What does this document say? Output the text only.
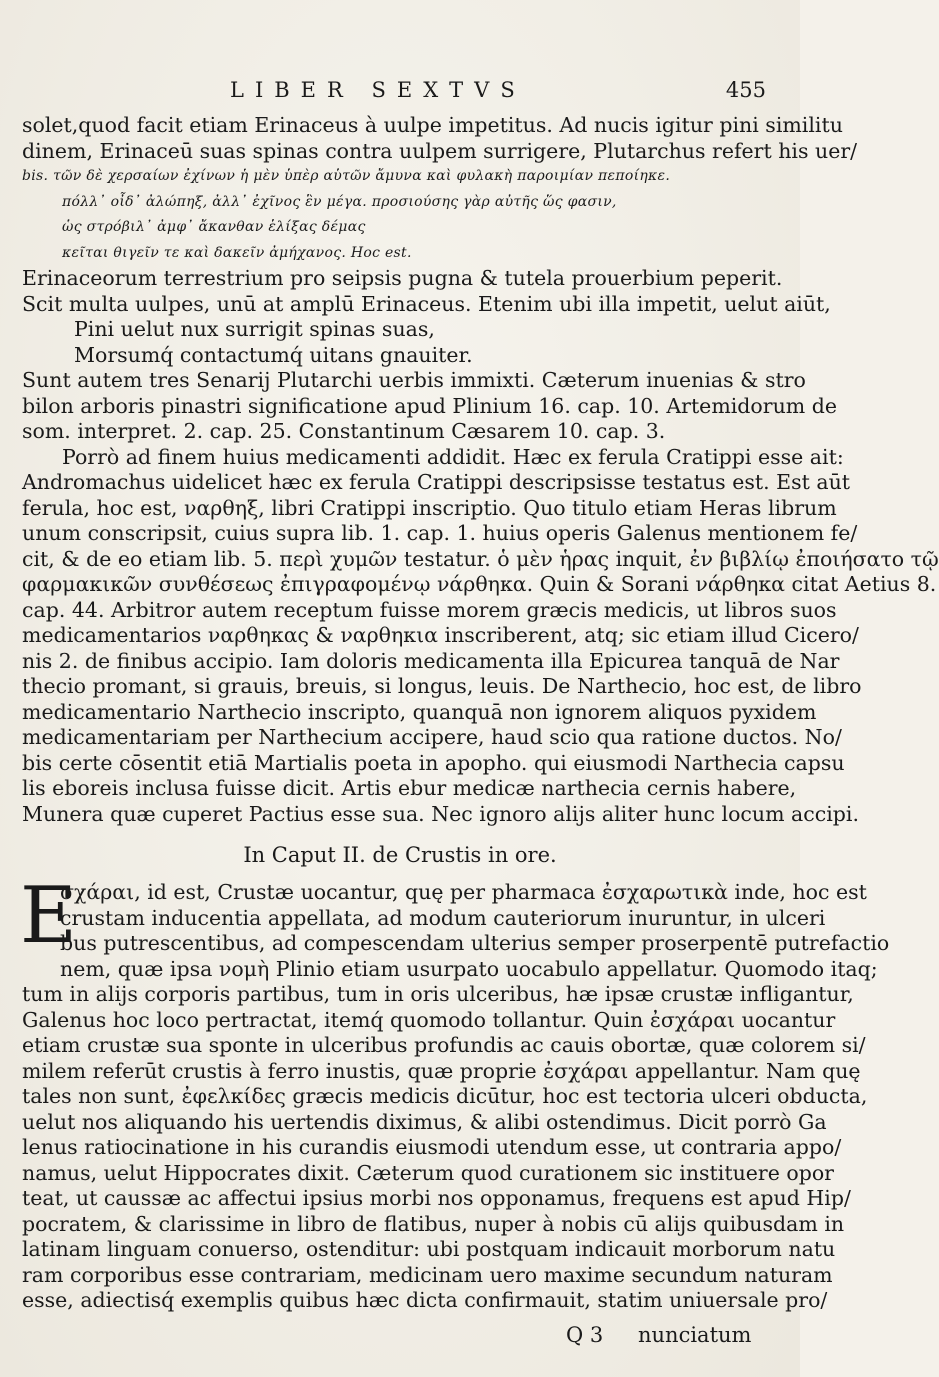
LIBER SEXTVS	455
solet,quod facit etiam Erinaceus à uulpe impetitus. Ad nucis igitur pini similitu
dinem, Erinaceū suas spinas contra uulpem surrigere, Plutarchus refert his uer/
bis. τῶν δὲ χερσαίων ἐχίνων ἡ μὲν ὑπὲρ αὑτῶν ἄμυνα καὶ φυλακὴ παροιμίαν πεποίηκε.
πόλλ᾽ οἶδ᾽ ἀλώπηξ, ἀλλ᾽ ἐχῖνος ἓν μέγα. προσιούσης γὰρ αὐτῆς ὥς φασιν,
ὡς στρόβιλ᾽ ἀμφ᾽ ἄκανθαν ἑλίξας δέμας
κεῖται θιγεῖν τε καὶ δακεῖν ἀμήχανος. Hoc est.
Erinaceorum terrestrium pro seipsis pugna & tutela prouerbium peperit.
Scit multa uulpes, unū at amplū Erinaceus. Etenim ubi illa impetit, uelut aiūt,
Pini uelut nux surrigit spinas suas,
Morsumq́ contactumq́ uitans gnauiter.
Sunt autem tres Senarij Plutarchi uerbis immixti. Cæterum inuenias & stro
bilon arboris pinastri significatione apud Plinium 16. cap. 10. Artemidorum de
som. interpret. 2. cap. 25. Constantinum Cæsarem 10. cap. 3.
Porrò ad finem huius medicamenti addidit. Hæc ex ferula Cratippi esse ait:
Andromachus uidelicet hæc ex ferula Cratippi descripsisse testatus est. Est aūt
ferula, hoc est, ναρθηξ, libri Cratippi inscriptio. Quo titulo etiam Heras librum
unum conscripsit, cuius supra lib. 1. cap. 1. huius operis Galenus mentionem fe/
cit, & de eo etiam lib. 5. περὶ χυμῶν testatur. ὁ μὲν ἡρας inquit, ἐν βιβλίῳ ἐποιήσατο τῷ
φαρμακικῶν συνθέσεως ἐπιγραφομένῳ νάρθηκα. Quin & Sorani νάρθηκα citat Aetius 8.
cap. 44. Arbitror autem receptum fuisse morem græcis medicis, ut libros suos
medicamentarios ναρθηκας & ναρθηκια inscriberent, atq; sic etiam illud Cicero/
nis 2. de finibus accipio. Iam doloris medicamenta illa Epicurea tanquā de Nar
thecio promant, si grauis, breuis, si longus, leuis. De Narthecio, hoc est, de libro
medicamentario Narthecio inscripto, quanquā non ignorem aliquos pyxidem
medicamentariam per Narthecium accipere, haud scio qua ratione ductos. No/
bis certe cōsentit etiā Martialis poeta in apopho. qui eiusmodi Narthecia capsu
lis eboreis inclusa fuisse dicit. Artis ebur medicæ narthecia cernis habere,
Munera quæ cuperet Pactius esse sua. Nec ignoro alijs aliter hunc locum accipi.
In Caput II. de Crustis in ore.
E
σχάραι, id est, Crustæ uocantur, quę per pharmaca ἐσχαρωτικὰ inde, hoc est
crustam inducentia appellata, ad modum cauteriorum inuruntur, in ulceri
bus putrescentibus, ad compescendam ulterius semper proserpentē putrefactio
nem, quæ ipsa νομὴ Plinio etiam usurpato uocabulo appellatur. Quomodo itaq;
tum in alijs corporis partibus, tum in oris ulceribus, hæ ipsæ crustæ infligantur,
Galenus hoc loco pertractat, itemq́ quomodo tollantur. Quin ἐσχάραι uocantur
etiam crustæ sua sponte in ulceribus profundis ac cauis obortæ, quæ colorem si/
milem referūt crustis à ferro inustis, quæ proprie ἐσχάραι appellantur. Nam quę
tales non sunt, ἐφελκίδες græcis medicis dicūtur, hoc est tectoria ulceri obducta,
uelut nos aliquando his uertendis diximus, & alibi ostendimus. Dicit porrò Ga
lenus ratiocinatione in his curandis eiusmodi utendum esse, ut contraria appo/
namus, uelut Hippocrates dixit. Cæterum quod curationem sic instituere opor
teat, ut caussæ ac affectui ipsius morbi nos opponamus, frequens est apud Hip/
pocratem, & clarissime in libro de flatibus, nuper à nobis cū alijs quibusdam in
latinam linguam conuerso, ostenditur: ubi postquam indicauit morborum natu
ram corporibus esse contrariam, medicinam uero maxime secundum naturam
esse, adiectisq́ exemplis quibus hæc dicta confirmauit, statim uniuersale pro/
Q 3 nunciatum
